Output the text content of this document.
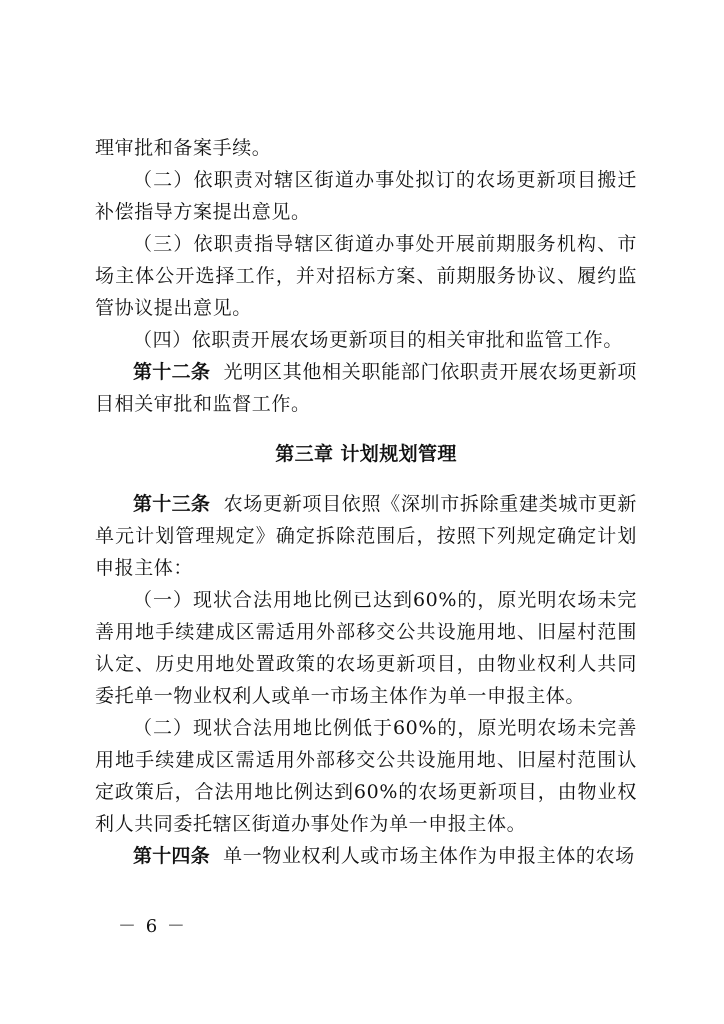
理审批和备案手续。

（二）依职责对辖区街道办事处拟订的农场更新项目搬迁补偿指导方案提出意见。

（三）依职责指导辖区街道办事处开展前期服务机构、市场主体公开选择工作，并对招标方案、前期服务协议、履约监管协议提出意见。

（四）依职责开展农场更新项目的相关审批和监管工作。

第十二条 光明区其他相关职能部门依职责开展农场更新项目相关审批和监督工作。

第三章 计划规划管理

第十三条 农场更新项目依照《深圳市拆除重建类城市更新单元计划管理规定》确定拆除范围后，按照下列规定确定计划申报主体：

（一）现状合法用地比例已达到60%的，原光明农场未完善用地手续建成区需适用外部移交公共设施用地、旧屋村范围认定、历史用地处置政策的农场更新项目，由物业权利人共同委托单一物业权利人或单一市场主体作为单一申报主体。

（二）现状合法用地比例低于60%的，原光明农场未完善用地手续建成区需适用外部移交公共设施用地、旧屋村范围认定政策后，合法用地比例达到60%的农场更新项目，由物业权利人共同委托辖区街道办事处作为单一申报主体。

第十四条 单一物业权利人或市场主体作为申报主体的农场

－ 6 －
